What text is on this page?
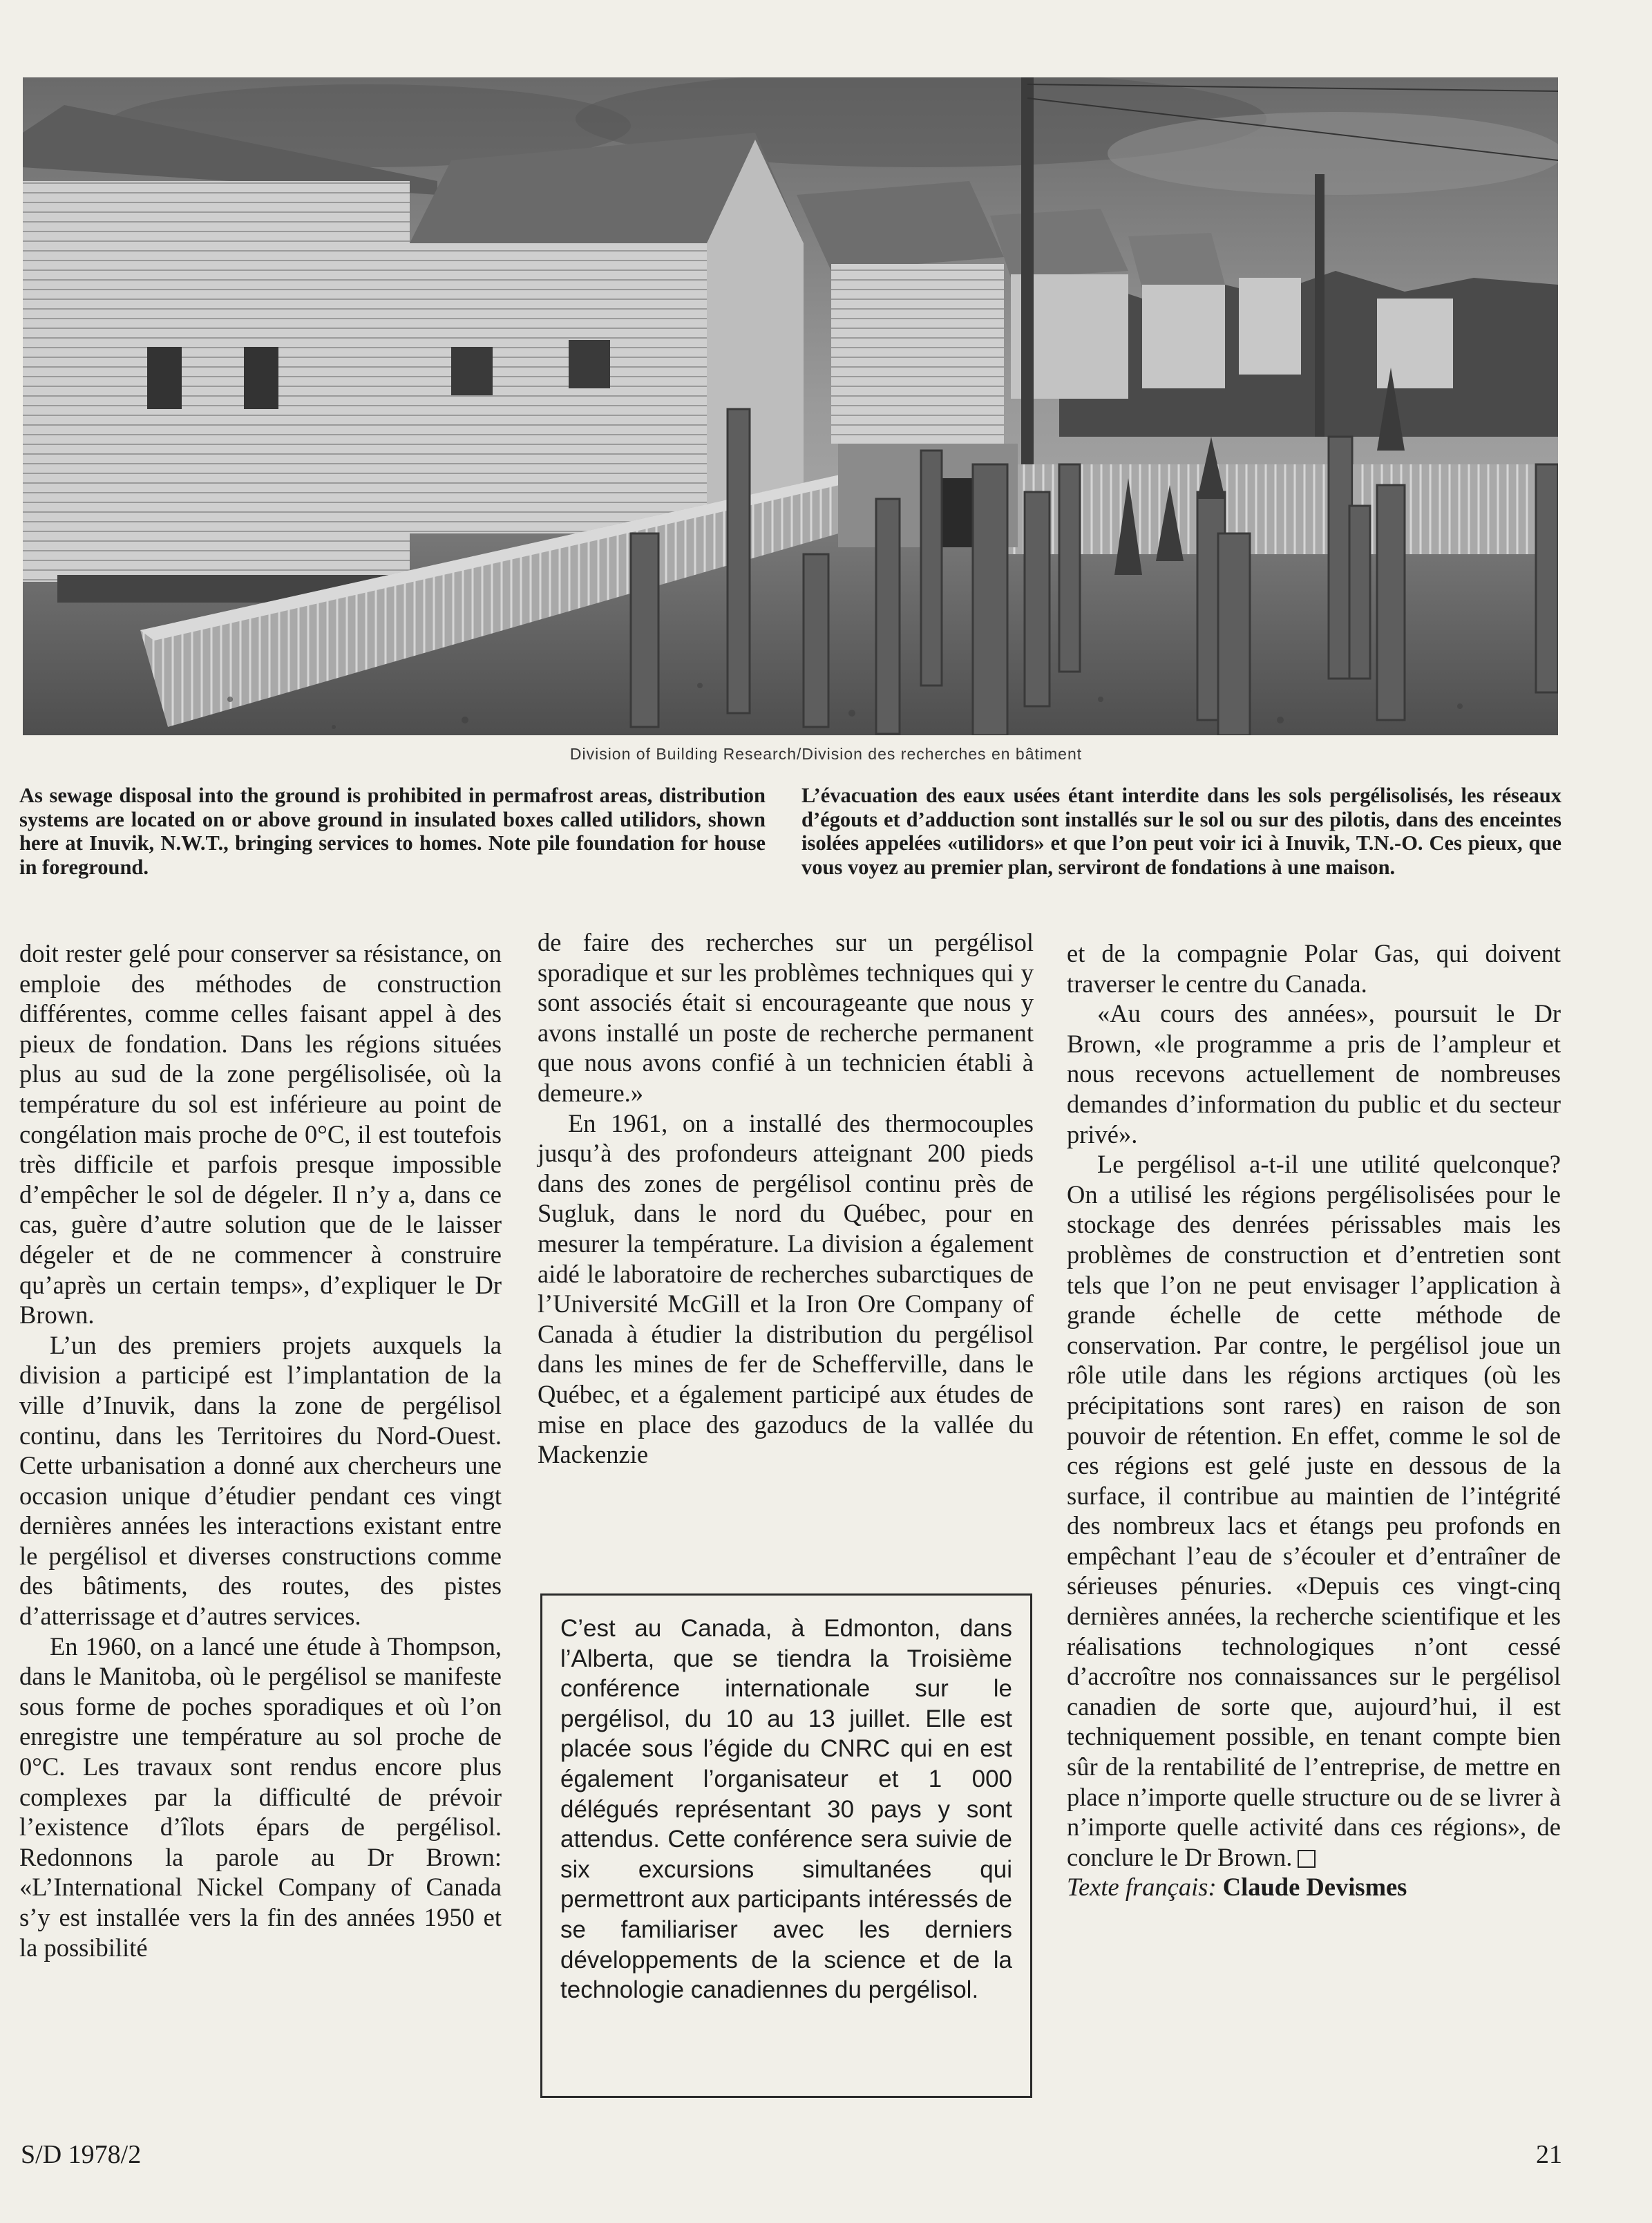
Division of Building Research/Division des recherches en bâtiment
As sewage disposal into the ground is prohibited in permafrost areas, distribution systems are located on or above ground in insulated boxes called utilidors, shown here at Inuvik, N.W.T., bringing services to homes. Note pile foundation for house in foreground.
L’évacuation des eaux usées étant interdite dans les sols pergélisolisés, les réseaux d’égouts et d’adduction sont installés sur le sol ou sur des pilotis, dans des enceintes isolées appelées «utilidors» et que l’on peut voir ici à Inuvik, T.N.-O. Ces pieux, que vous voyez au premier plan, serviront de fondations à une maison.

doit rester gelé pour conserver sa résistance, on emploie des méthodes de construction différentes, comme celles faisant appel à des pieux de fondation. Dans les régions situées plus au sud de la zone pergélisolisée, où la température du sol est inférieure au point de congélation mais proche de 0°C, il est toutefois très difficile et parfois presque impossible d’empêcher le sol de dégeler. Il n’y a, dans ce cas, guère d’autre solution que de le laisser dégeler et de ne commencer à construire qu’après un certain temps», d’expliquer le Dr Brown.

L’un des premiers projets auxquels la division a participé est l’implantation de la ville d’Inuvik, dans la zone de pergélisol continu, dans les Territoires du Nord-Ouest. Cette urbanisation a donné aux chercheurs une occasion unique d’étudier pendant ces vingt dernières années les interactions existant entre le pergélisol et diverses constructions comme des bâtiments, des routes, des pistes d’atterrissage et d’autres services.

En 1960, on a lancé une étude à Thompson, dans le Manitoba, où le pergélisol se manifeste sous forme de poches sporadiques et où l’on enregistre une température au sol proche de 0°C. Les travaux sont rendus encore plus complexes par la difficulté de prévoir l’existence d’îlots épars de pergélisol. Redonnons la parole au Dr Brown: «L’International Nickel Company of Canada s’y est installée vers la fin des années 1950 et la possibilité

de faire des recherches sur un pergélisol sporadique et sur les problèmes techniques qui y sont associés était si encourageante que nous y avons installé un poste de recherche permanent que nous avons confié à un technicien établi à demeure.»

En 1961, on a installé des thermocouples jusqu’à des profondeurs atteignant 200 pieds dans des zones de pergélisol continu près de Sugluk, dans le nord du Québec, pour en mesurer la température. La division a également aidé le laboratoire de recherches subarctiques de l’Université McGill et la Iron Ore Company of Canada à étudier la distribution du pergélisol dans les mines de fer de Schefferville, dans le Québec, et a également participé aux études de mise en place des gazoducs de la vallée du Mackenzie

C’est au Canada, à Edmonton, dans l’Alberta, que se tiendra la Troisième conférence internationale sur le pergélisol, du 10 au 13 juillet. Elle est placée sous l’égide du CNRC qui en est également l’organisateur et 1 000 délégués représentant 30 pays y sont attendus. Cette conférence sera suivie de six excursions simultanées qui permettront aux participants intéressés de se familiariser avec les derniers développements de la science et de la technologie canadiennes du pergélisol.

et de la compagnie Polar Gas, qui doivent traverser le centre du Canada.

«Au cours des années», poursuit le Dr Brown, «le programme a pris de l’ampleur et nous recevons actuellement de nombreuses demandes d’information du public et du secteur privé».

Le pergélisol a-t-il une utilité quelconque? On a utilisé les régions pergélisolisées pour le stockage des denrées périssables mais les problèmes de construction et d’entretien sont tels que l’on ne peut envisager l’application à grande échelle de cette méthode de conservation. Par contre, le pergélisol joue un rôle utile dans les régions arctiques (où les précipitations sont rares) en raison de son pouvoir de rétention. En effet, comme le sol de ces régions est gelé juste en dessous de la surface, il contribue au maintien de l’intégrité des nombreux lacs et étangs peu profonds en empêchant l’eau de s’écouler et d’entraîner de sérieuses pénuries. «Depuis ces vingt-cinq dernières années, la recherche scientifique et les réalisations technologiques n’ont cessé d’accroître nos connaissances sur le pergélisol canadien de sorte que, aujourd’hui, il est techniquement possible, en tenant compte bien sûr de la rentabilité de l’entreprise, de mettre en place n’importe quelle structure ou de se livrer à n’importe quelle activité dans ces régions», de conclure le Dr Brown.

Texte français: Claude Devismes

S/D 1978/2	21
